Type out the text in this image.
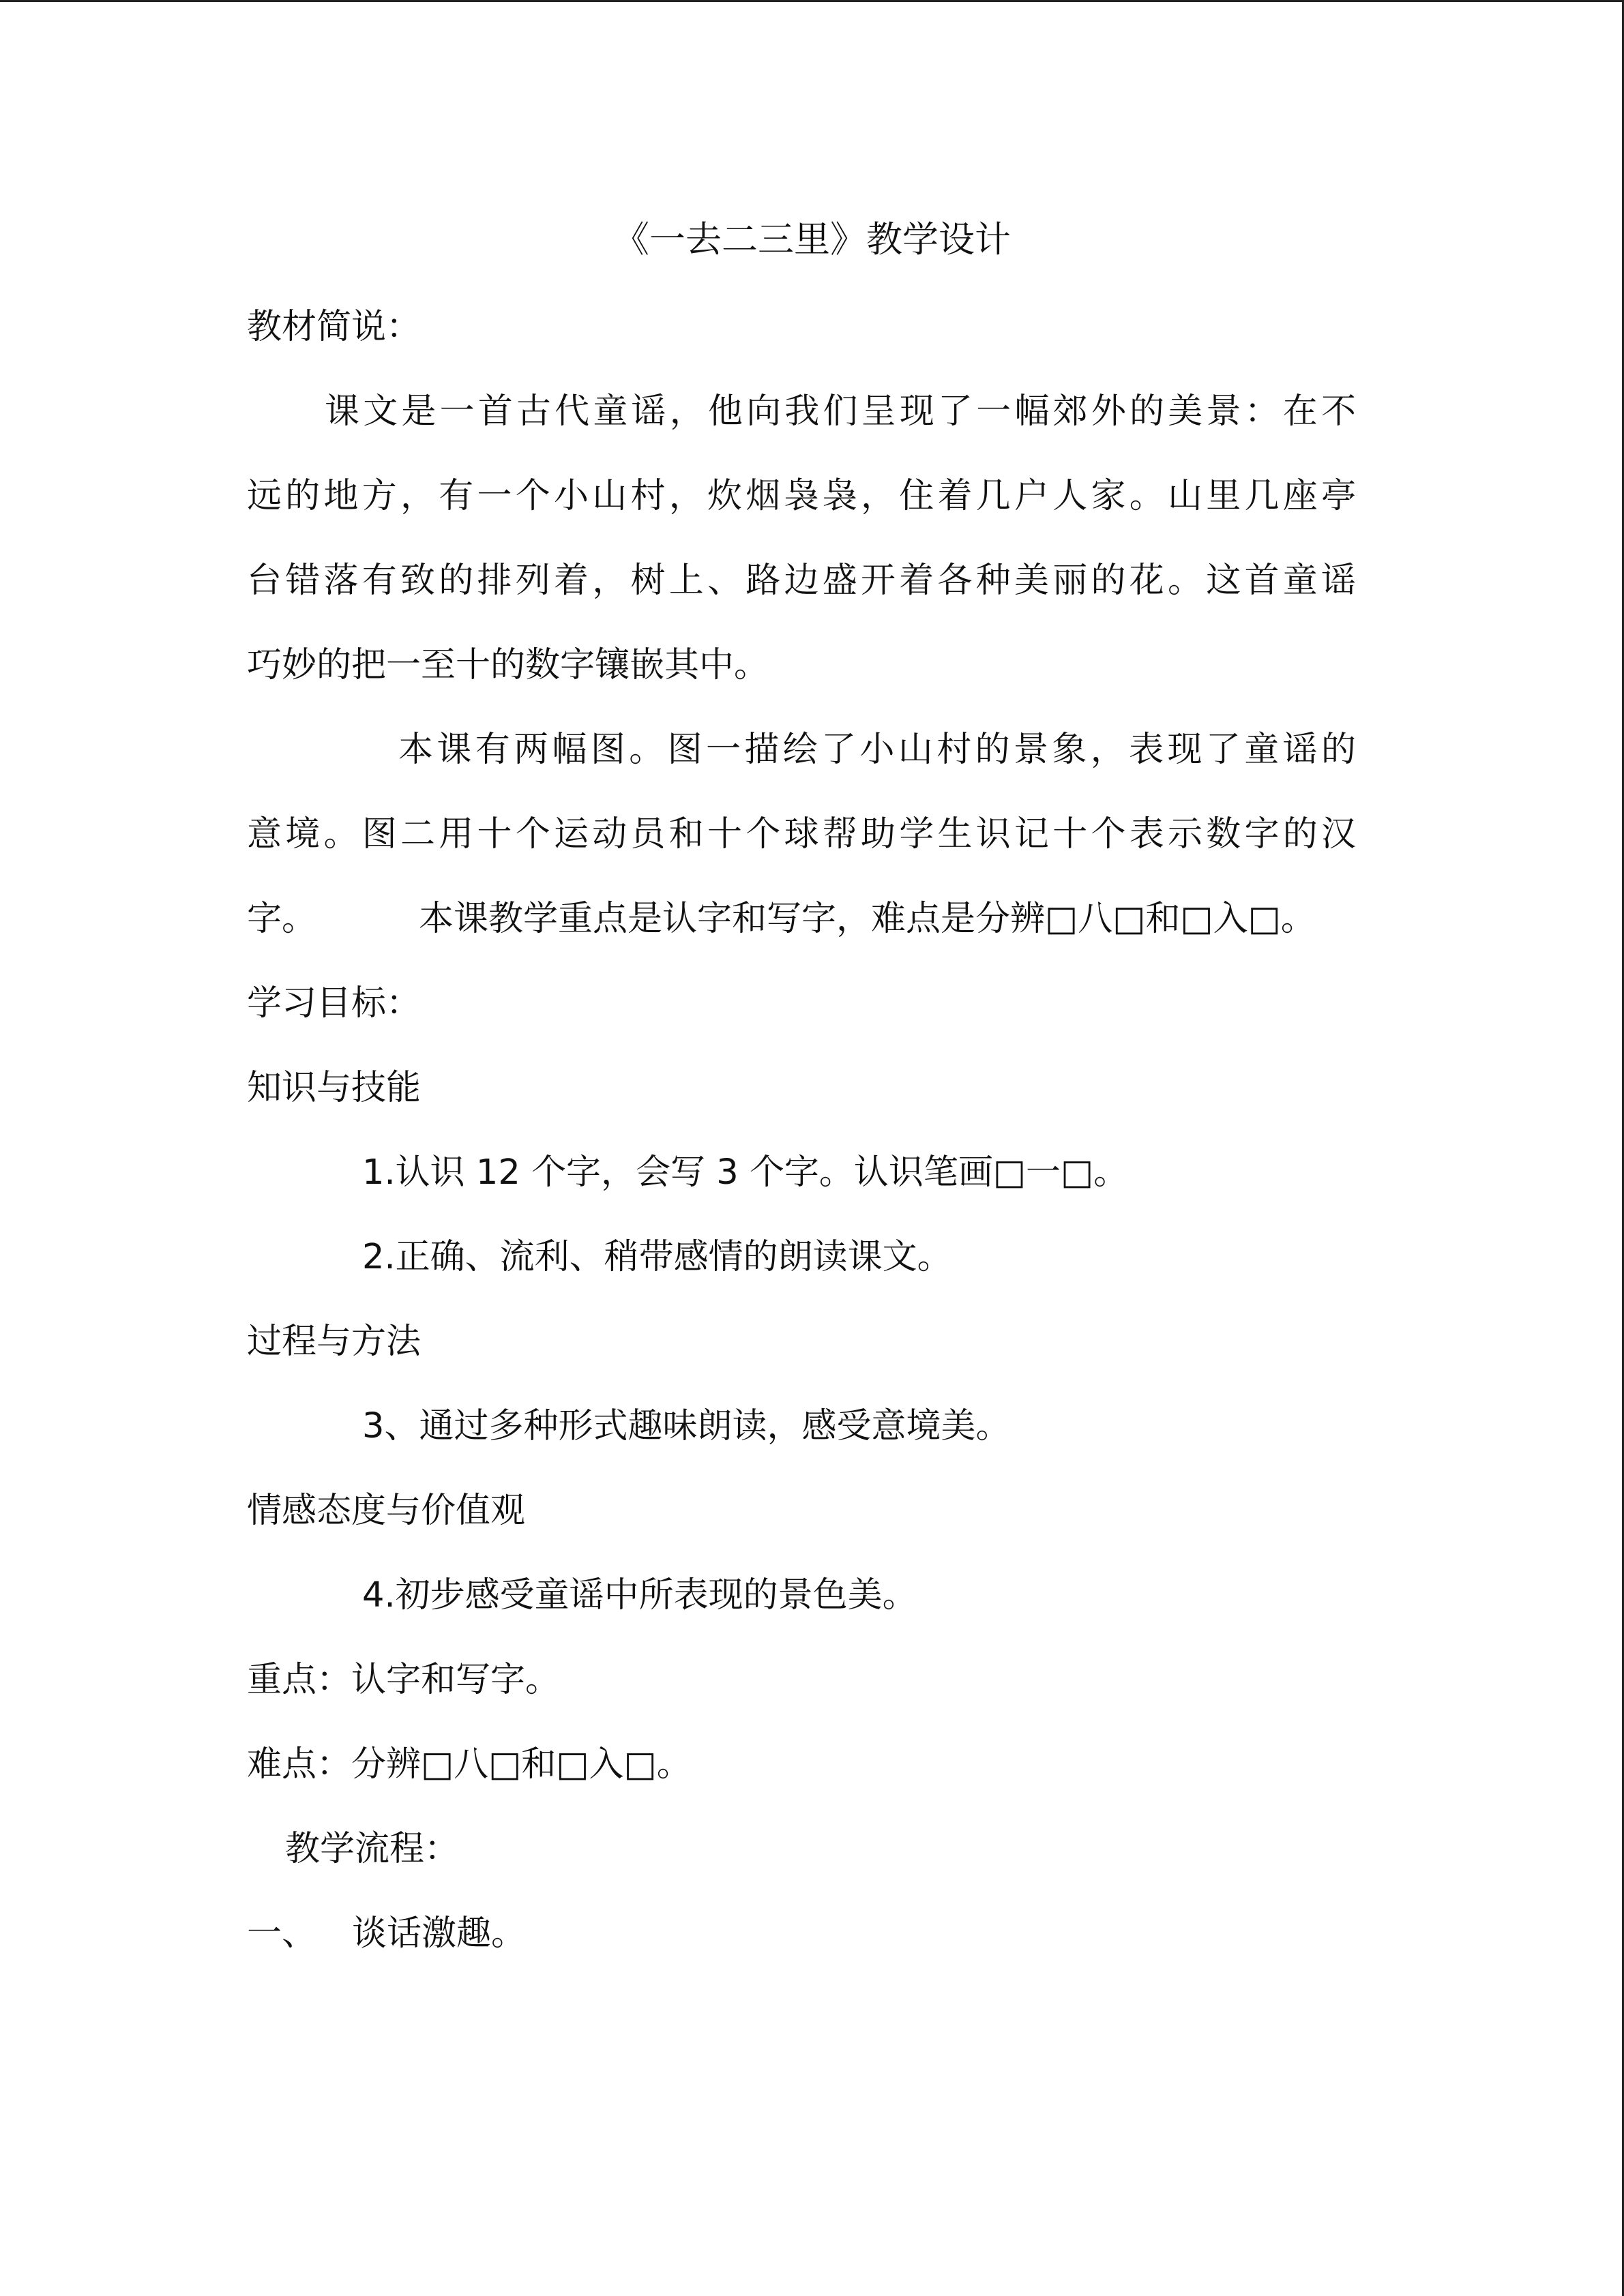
《一去二三里》教学设计

教材简说：

课文是一首古代童谣，他向我们呈现了一幅郊外的美景：在不

远的地方，有一个小山村，炊烟袅袅，住着几户人家。山里几座亭

台错落有致的排列着，树上、路边盛开着各种美丽的花。这首童谣

巧妙的把一至十的数字镶嵌其中。

本课有两幅图。图一描绘了小山村的景象，表现了童谣的

意境。图二用十个运动员和十个球帮助学生识记十个表示数字的汉

字。	本课教学重点是认字和写字，难点是分辨□八□和□入□。

学习目标：

知识与技能

1.认识 12 个字，会写 3 个字。认识笔画□一□。

2.正确、流利、稍带感情的朗读课文。

过程与方法

3、通过多种形式趣味朗读，感受意境美。

情感态度与价值观

4.初步感受童谣中所表现的景色美。

重点：认字和写字。

难点：分辨□八□和□入□。

教学流程：

一、 谈话激趣。
